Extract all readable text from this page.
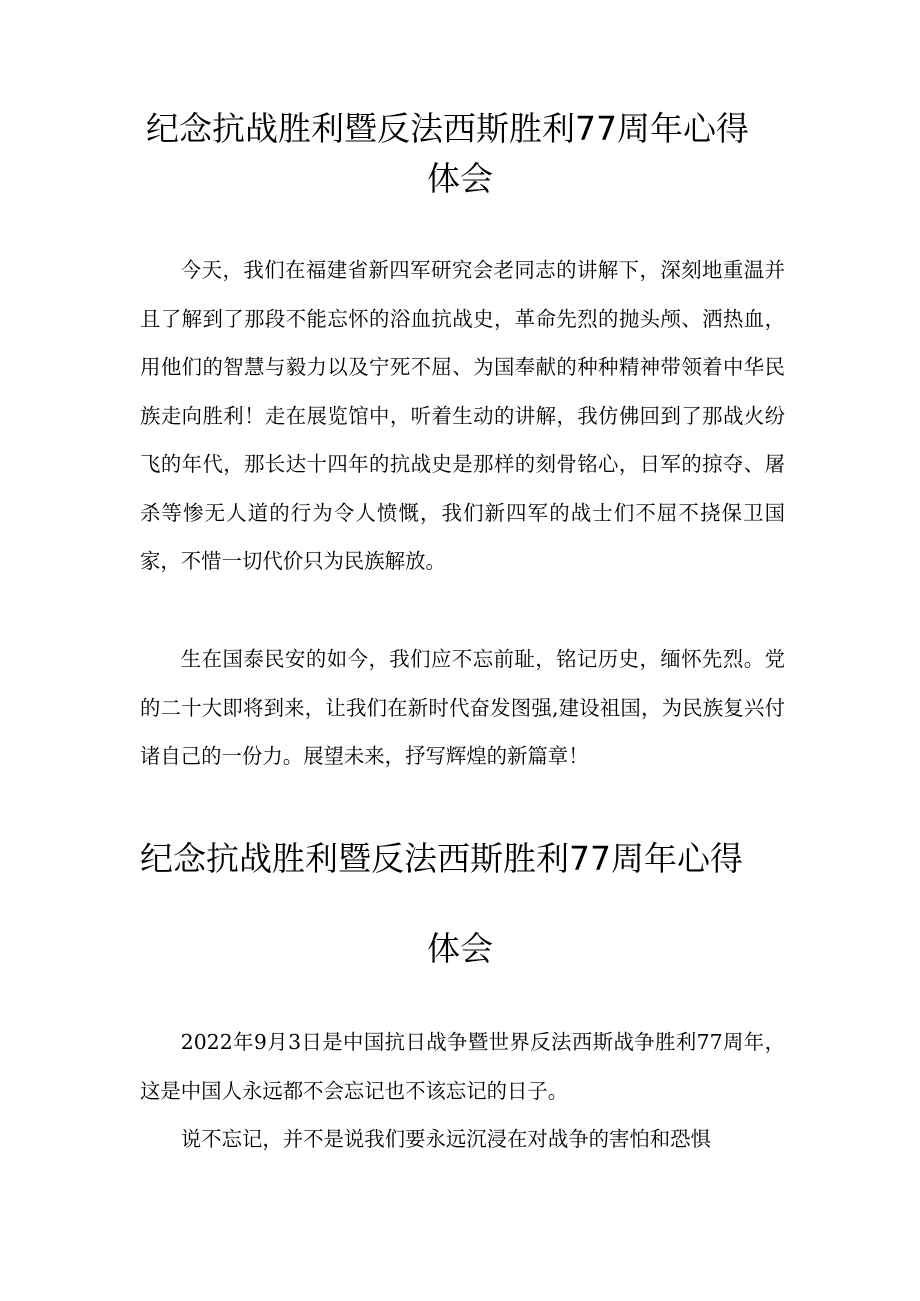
纪念抗战胜利暨反法西斯胜利77周年心得
体会

今天，我们在福建省新四军研究会老同志的讲解下，深刻地重温并且了解到了那段不能忘怀的浴血抗战史，革命先烈的抛头颅、洒热血，用他们的智慧与毅力以及宁死不屈、为国奉献的种种精神带领着中华民族走向胜利！走在展览馆中，听着生动的讲解，我仿佛回到了那战火纷飞的年代，那长达十四年的抗战史是那样的刻骨铭心，日军的掠夺、屠杀等惨无人道的行为令人愤慨，我们新四军的战士们不屈不挠保卫国家，不惜一切代价只为民族解放。

生在国泰民安的如今，我们应不忘前耻，铭记历史，缅怀先烈。党的二十大即将到来，让我们在新时代奋发图强,建设祖国，为民族复兴付诸自己的一份力。展望未来，抒写辉煌的新篇章！

纪念抗战胜利暨反法西斯胜利77周年心得
体会

2022年9月3日是中国抗日战争暨世界反法西斯战争胜利77周年，这是中国人永远都不会忘记也不该忘记的日子。

说不忘记，并不是说我们要永远沉浸在对战争的害怕和恐惧
